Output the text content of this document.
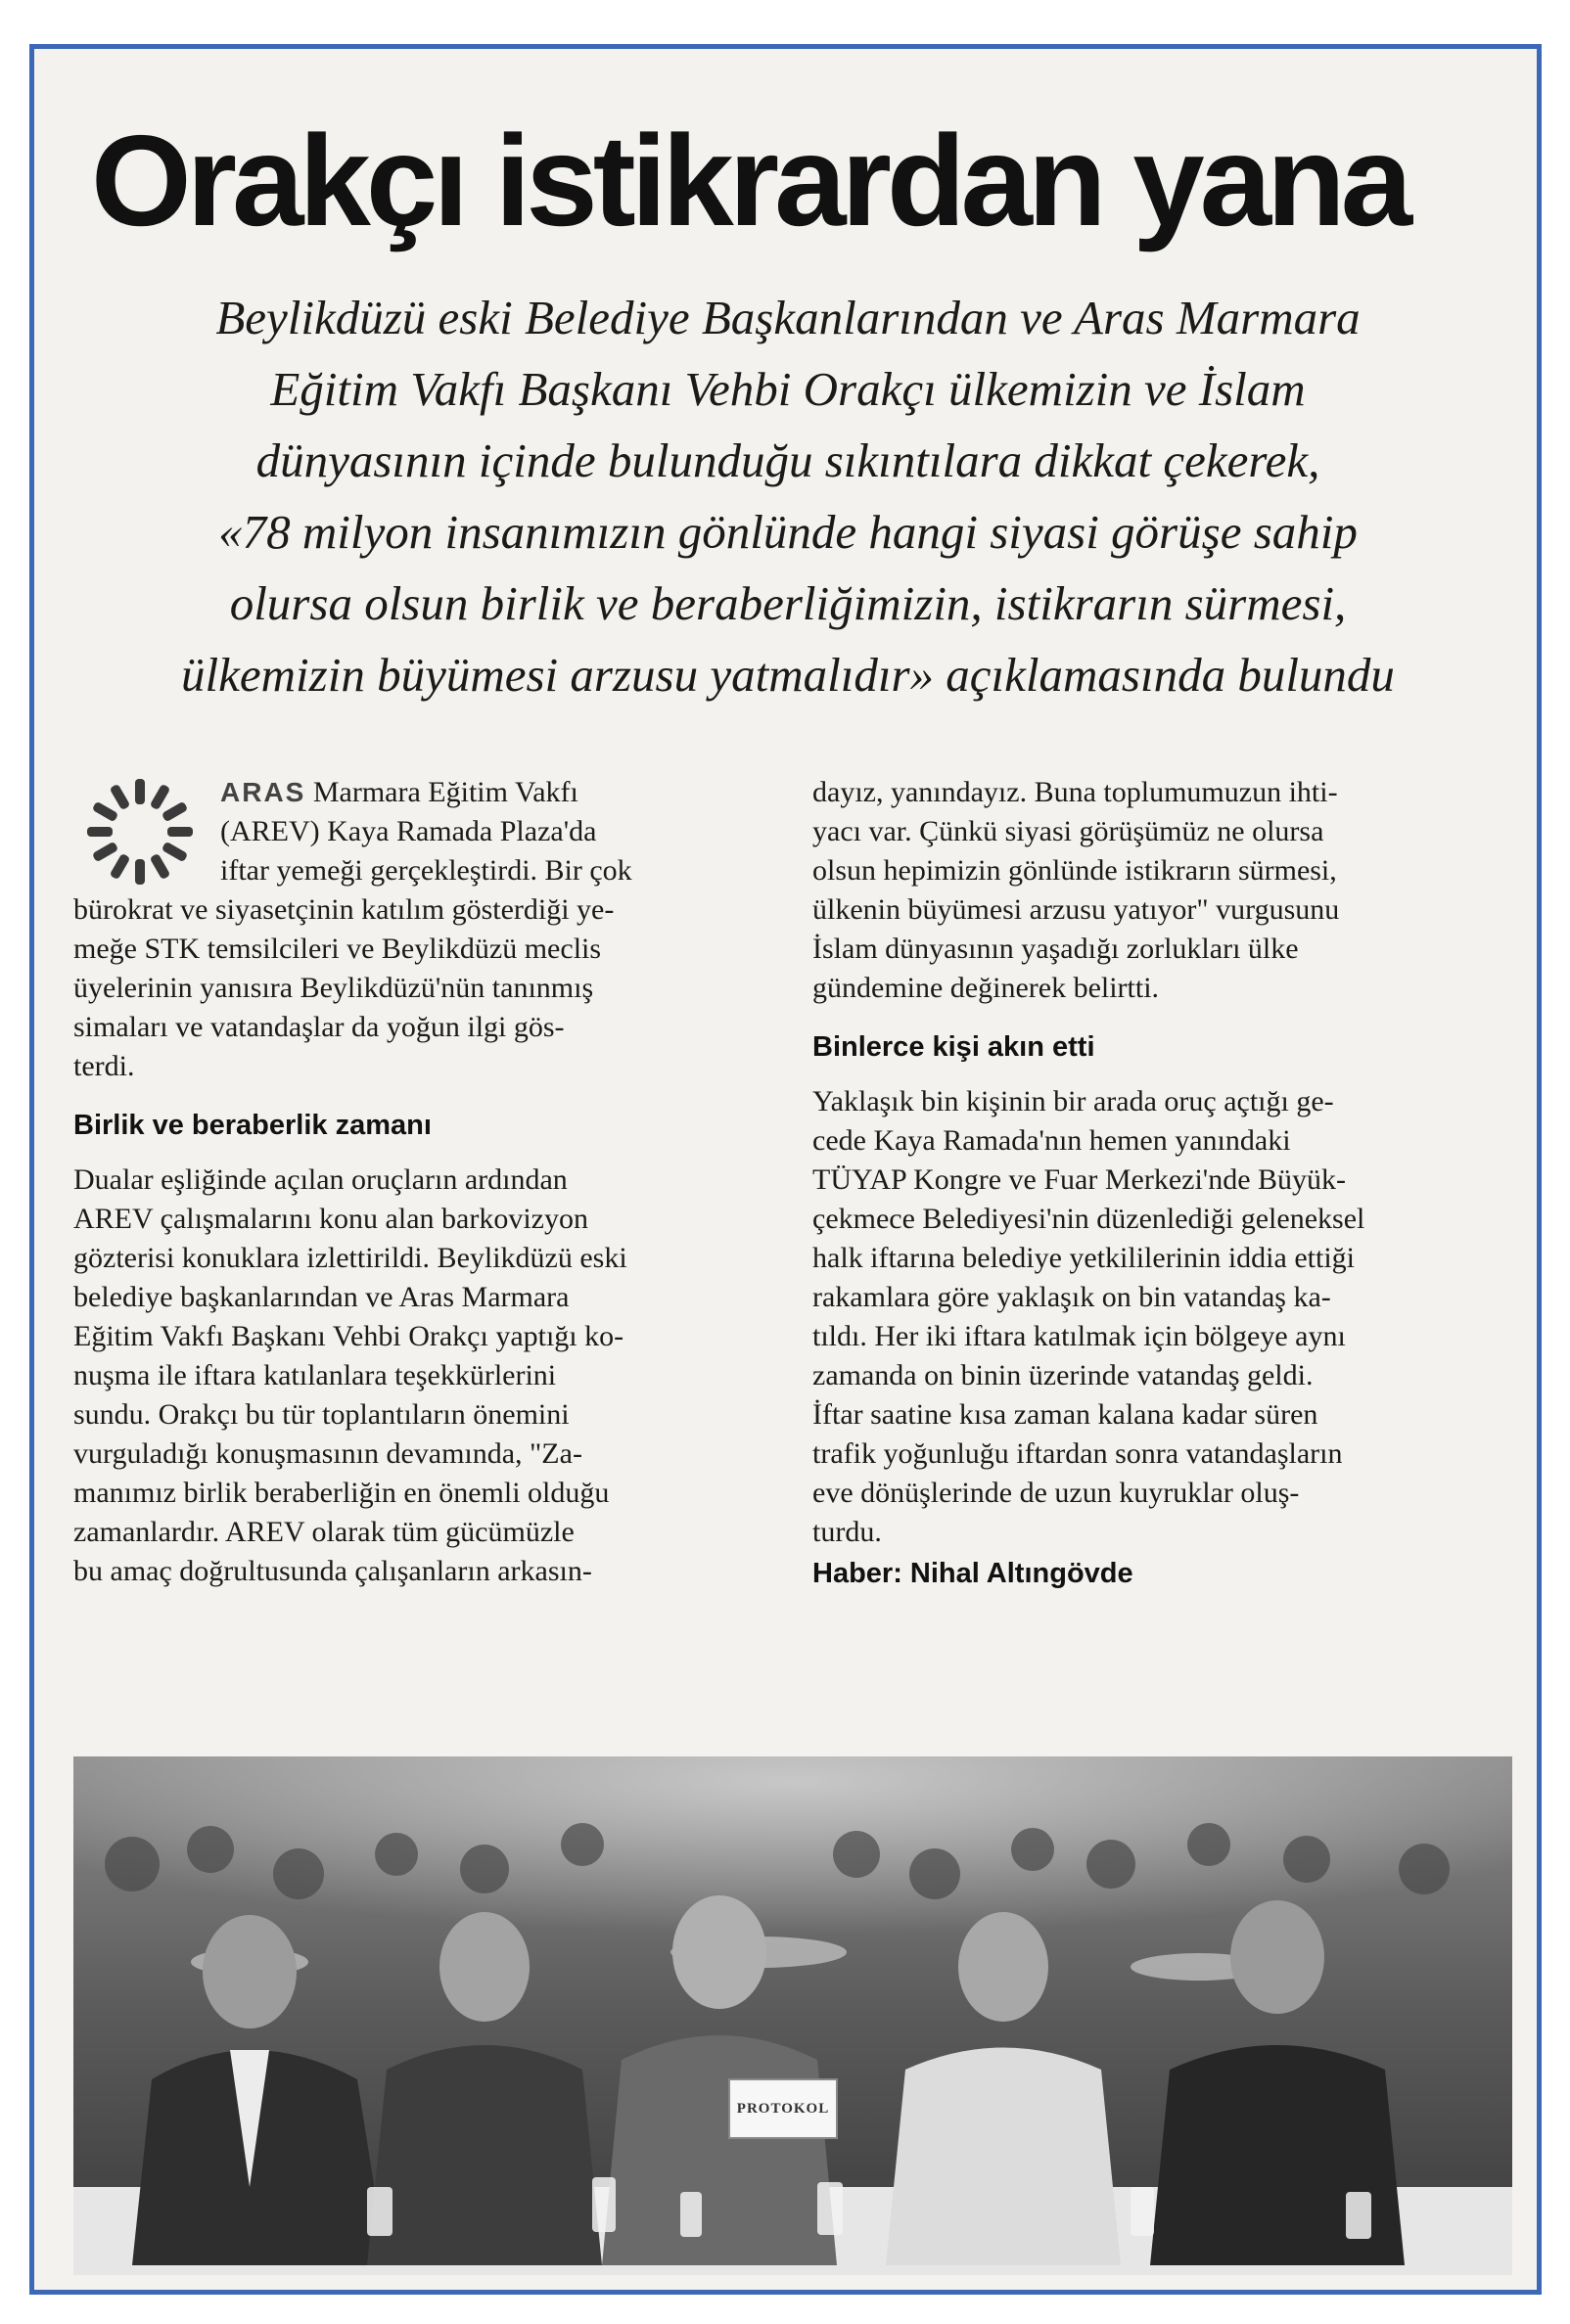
Orakçı istikrardan yana
Beylikdüzü eski Belediye Başkanlarından ve Aras Marmara
Eğitim Vakfı Başkanı Vehbi Orakçı ülkemizin ve İslam
dünyasının içinde bulunduğu sıkıntılara dikkat çekerek,
«78 milyon insanımızın gönlünde hangi siyasi görüşe sahip
olursa olsun birlik ve beraberliğimizin, istikrarın sürmesi,
ülkemizin büyümesi arzusu yatmalıdır» açıklamasında bulundu
ARAS Marmara Eğitim Vakfı
(AREV) Kaya Ramada Plaza'da
iftar yemeği gerçekleştirdi. Bir çok
bürokrat ve siyasetçinin katılım gösterdiği ye-
meğe STK temsilcileri ve Beylikdüzü meclis
üyelerinin yanısıra Beylikdüzü'nün tanınmış
simaları ve vatandaşlar da yoğun ilgi gös-
terdi.
Birlik ve beraberlik zamanı
Dualar eşliğinde açılan oruçların ardından
AREV çalışmalarını konu alan barkovizyon
gözterisi konuklara izlettirildi. Beylikdüzü eski
belediye başkanlarından ve Aras Marmara
Eğitim Vakfı Başkanı Vehbi Orakçı yaptığı ko-
nuşma ile iftara katılanlara teşekkürlerini
sundu. Orakçı bu tür toplantıların önemini
vurguladığı konuşmasının devamında, "Za-
manımız birlik beraberliğin en önemli olduğu
zamanlardır. AREV olarak tüm gücümüzle
bu amaç doğrultusunda çalışanların arkasın-
dayız, yanındayız. Buna toplumumuzun ihti-
yacı var. Çünkü siyasi görüşümüz ne olursa
olsun hepimizin gönlünde istikrarın sürmesi,
ülkenin büyümesi arzusu yatıyor" vurgusunu
İslam dünyasının yaşadığı zorlukları ülke
gündemine değinerek belirtti.
Binlerce kişi akın etti
Yaklaşık bin kişinin bir arada oruç açtığı ge-
cede Kaya Ramada'nın hemen yanındaki
TÜYAP Kongre ve Fuar Merkezi'nde Büyük-
çekmece Belediyesi'nin düzenlediği geleneksel
halk iftarına belediye yetkililerinin iddia ettiği
rakamlara göre yaklaşık on bin vatandaş ka-
tıldı. Her iki iftara katılmak için bölgeye aynı
zamanda on binin üzerinde vatandaş geldi.
İftar saatine kısa zaman kalana kadar süren
trafik yoğunluğu iftardan sonra vatandaşların
eve dönüşlerinde de uzun kuyruklar oluş-
turdu.
Haber: Nihal Altıngövde
PROTOKOL
